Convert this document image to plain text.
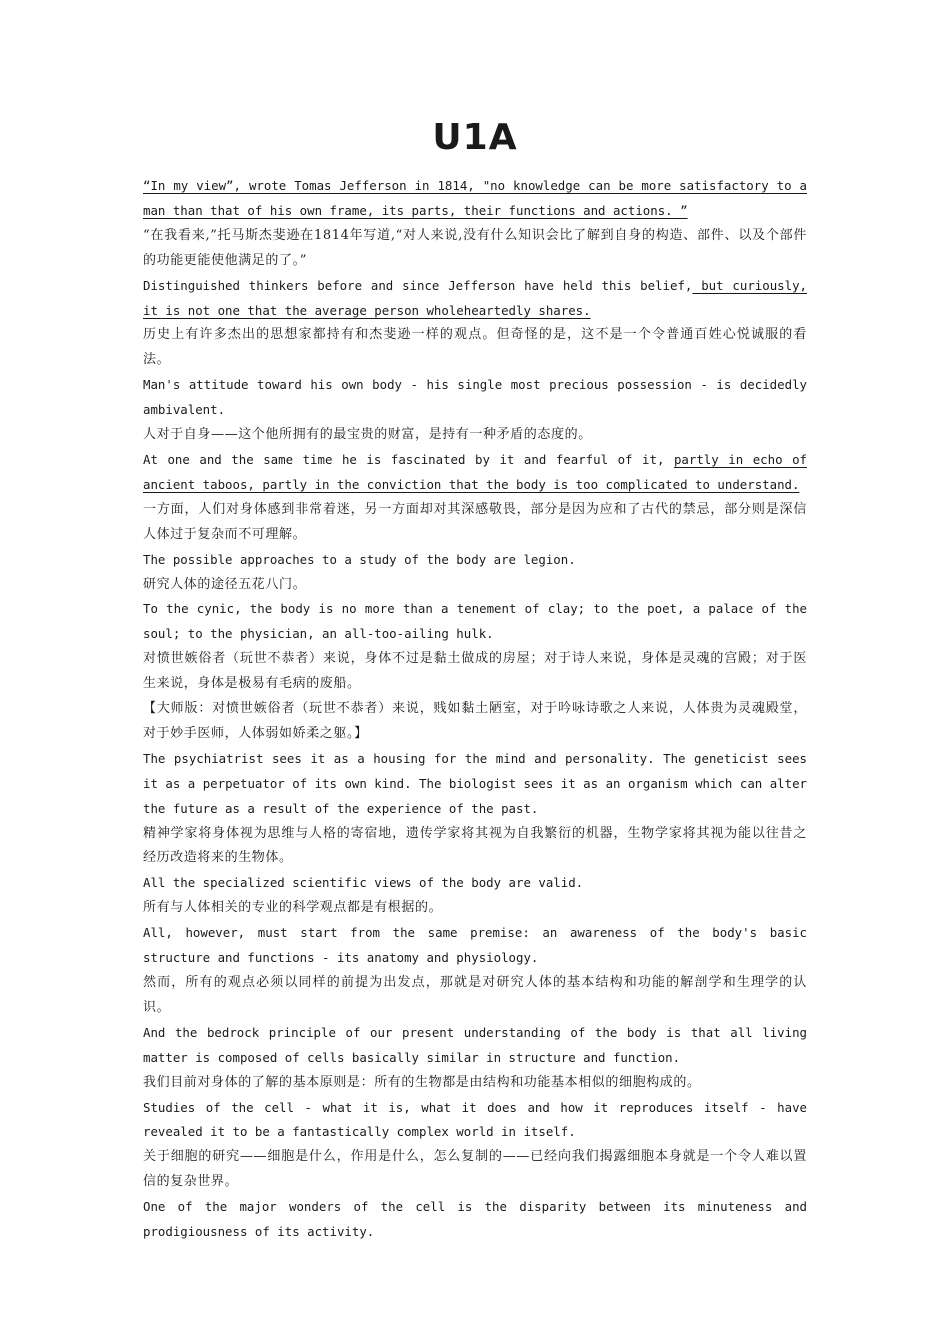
U1A

“In my view”, wrote Tomas Jefferson in 1814, "no knowledge can be more satisfactory to a man than that of his own frame, its parts, their functions and actions. ”

“在我看来,”托马斯杰斐逊在1814年写道,“对人来说,没有什么知识会比了解到自身的构造、部件、以及个部件的功能更能使他满足的了。”

Distinguished thinkers before and since Jefferson have held this belief, but curiously, it is not one that the average person wholeheartedly shares.

历史上有许多杰出的思想家都持有和杰斐逊一样的观点。但奇怪的是，这不是一个令普通百姓心悦诚服的看法。

Man's attitude toward his own body - his single most precious possession - is decidedly ambivalent.

人对于自身——这个他所拥有的最宝贵的财富，是持有一种矛盾的态度的。

At one and the same time he is fascinated by it and fearful of it, partly in echo of ancient taboos, partly in the conviction that the body is too complicated to understand.

一方面，人们对身体感到非常着迷，另一方面却对其深感敬畏，部分是因为应和了古代的禁忌，部分则是深信人体过于复杂而不可理解。

The possible approaches to a study of the body are legion.

研究人体的途径五花八门。

To the cynic, the body is no more than a tenement of clay; to the poet, a palace of the soul; to the physician, an all-too-ailing hulk.

对愤世嫉俗者（玩世不恭者）来说，身体不过是黏土做成的房屋；对于诗人来说，身体是灵魂的宫殿；对于医生来说，身体是极易有毛病的废船。

【大师版：对愤世嫉俗者（玩世不恭者）来说，贱如黏土陋室，对于吟咏诗歌之人来说，人体贵为灵魂殿堂，对于妙手医师，人体弱如娇柔之躯。】

The psychiatrist sees it as a housing for the mind and personality. The geneticist sees it as a perpetuator of its own kind. The biologist sees it as an organism which can alter the future as a result of the experience of the past.

精神学家将身体视为思维与人格的寄宿地，遗传学家将其视为自我繁衍的机器，生物学家将其视为能以往昔之经历改造将来的生物体。

All the specialized scientific views of the body are valid.

所有与人体相关的专业的科学观点都是有根据的。

All, however, must start from the same premise: an awareness of the body's basic structure and functions - its anatomy and physiology.

然而，所有的观点必须以同样的前提为出发点，那就是对研究人体的基本结构和功能的解剖学和生理学的认识。

And the bedrock principle of our present understanding of the body is that all living matter is composed of cells basically similar in structure and function.

我们目前对身体的了解的基本原则是：所有的生物都是由结构和功能基本相似的细胞构成的。

Studies of the cell - what it is, what it does and how it reproduces itself - have revealed it to be a fantastically complex world in itself.

关于细胞的研究——细胞是什么，作用是什么，怎么复制的——已经向我们揭露细胞本身就是一个令人难以置信的复杂世界。

One of the major wonders of the cell is the disparity between its minuteness and prodigiousness of its activity.
